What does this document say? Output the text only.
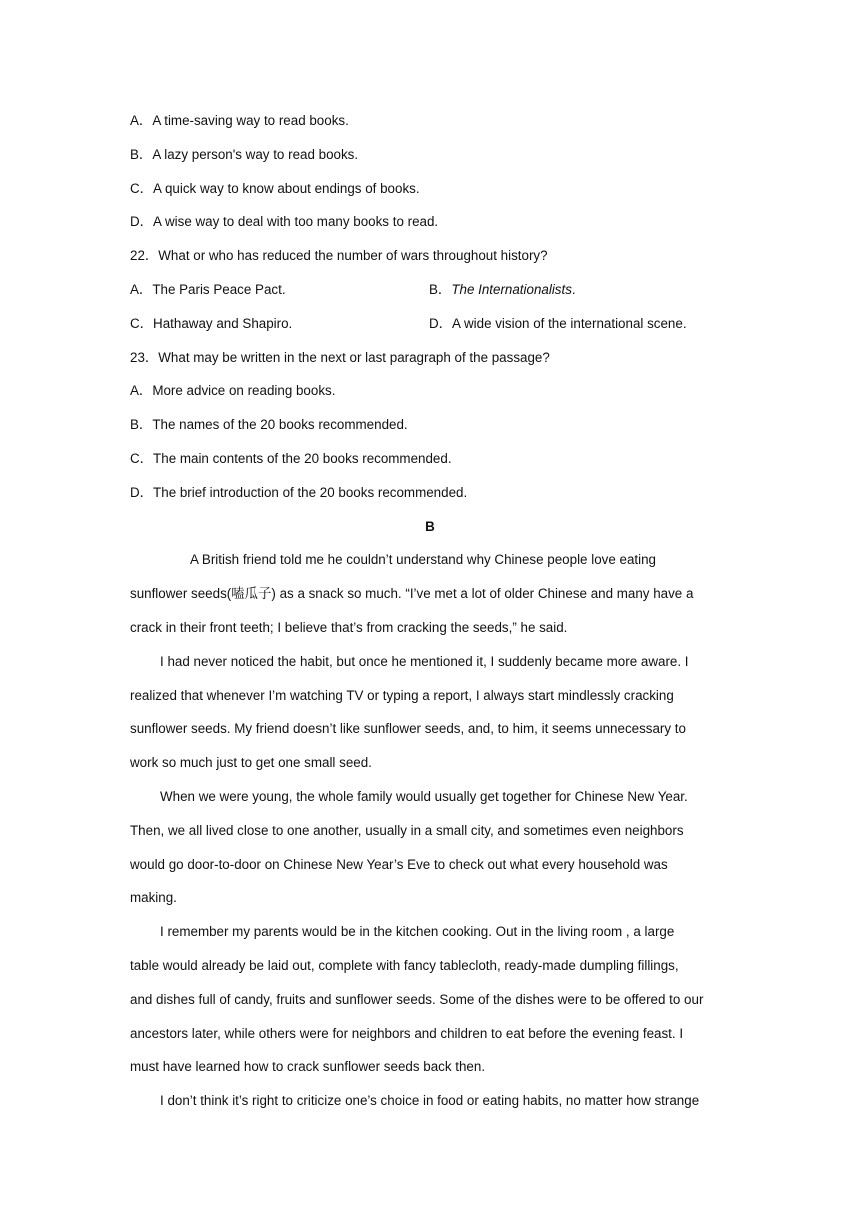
A．A time-saving way to read books.
B．A lazy person's way to read books.
C．A quick way to know about endings of books.
D．A wise way to deal with too many books to read.
22．What or who has reduced the number of wars throughout history?
A．The Paris Peace Pact.	B．The Internationalists.
C．Hathaway and Shapiro.	D．A wide vision of the international scene.
23．What may be written in the next or last paragraph of the passage?
A．More advice on reading books.
B．The names of the 20 books recommended.
C．The main contents of the 20 books recommended.
D．The brief introduction of the 20 books recommended.
B
A British friend told me he couldn’t understand why Chinese people love eating
sunflower seeds(嗑瓜子) as a snack so much. “I’ve met a lot of older Chinese and many have a
crack in their front teeth; I believe that’s from cracking the seeds,” he said.
I had never noticed the habit, but once he mentioned it, I suddenly became more aware. I
realized that whenever I’m watching TV or typing a report, I always start mindlessly cracking
sunflower seeds. My friend doesn’t like sunflower seeds, and, to him, it seems unnecessary to
work so much just to get one small seed.
When we were young, the whole family would usually get together for Chinese New Year.
Then, we all lived close to one another, usually in a small city, and sometimes even neighbors
would go door-to-door on Chinese New Year’s Eve to check out what every household was
making.
I remember my parents would be in the kitchen cooking. Out in the living room , a large
table would already be laid out, complete with fancy tablecloth, ready-made dumpling fillings,
and dishes full of candy, fruits and sunflower seeds. Some of the dishes were to be offered to our
ancestors later, while others were for neighbors and children to eat before the evening feast. I
must have learned how to crack sunflower seeds back then.
I don’t think it’s right to criticize one’s choice in food or eating habits, no matter how strange
